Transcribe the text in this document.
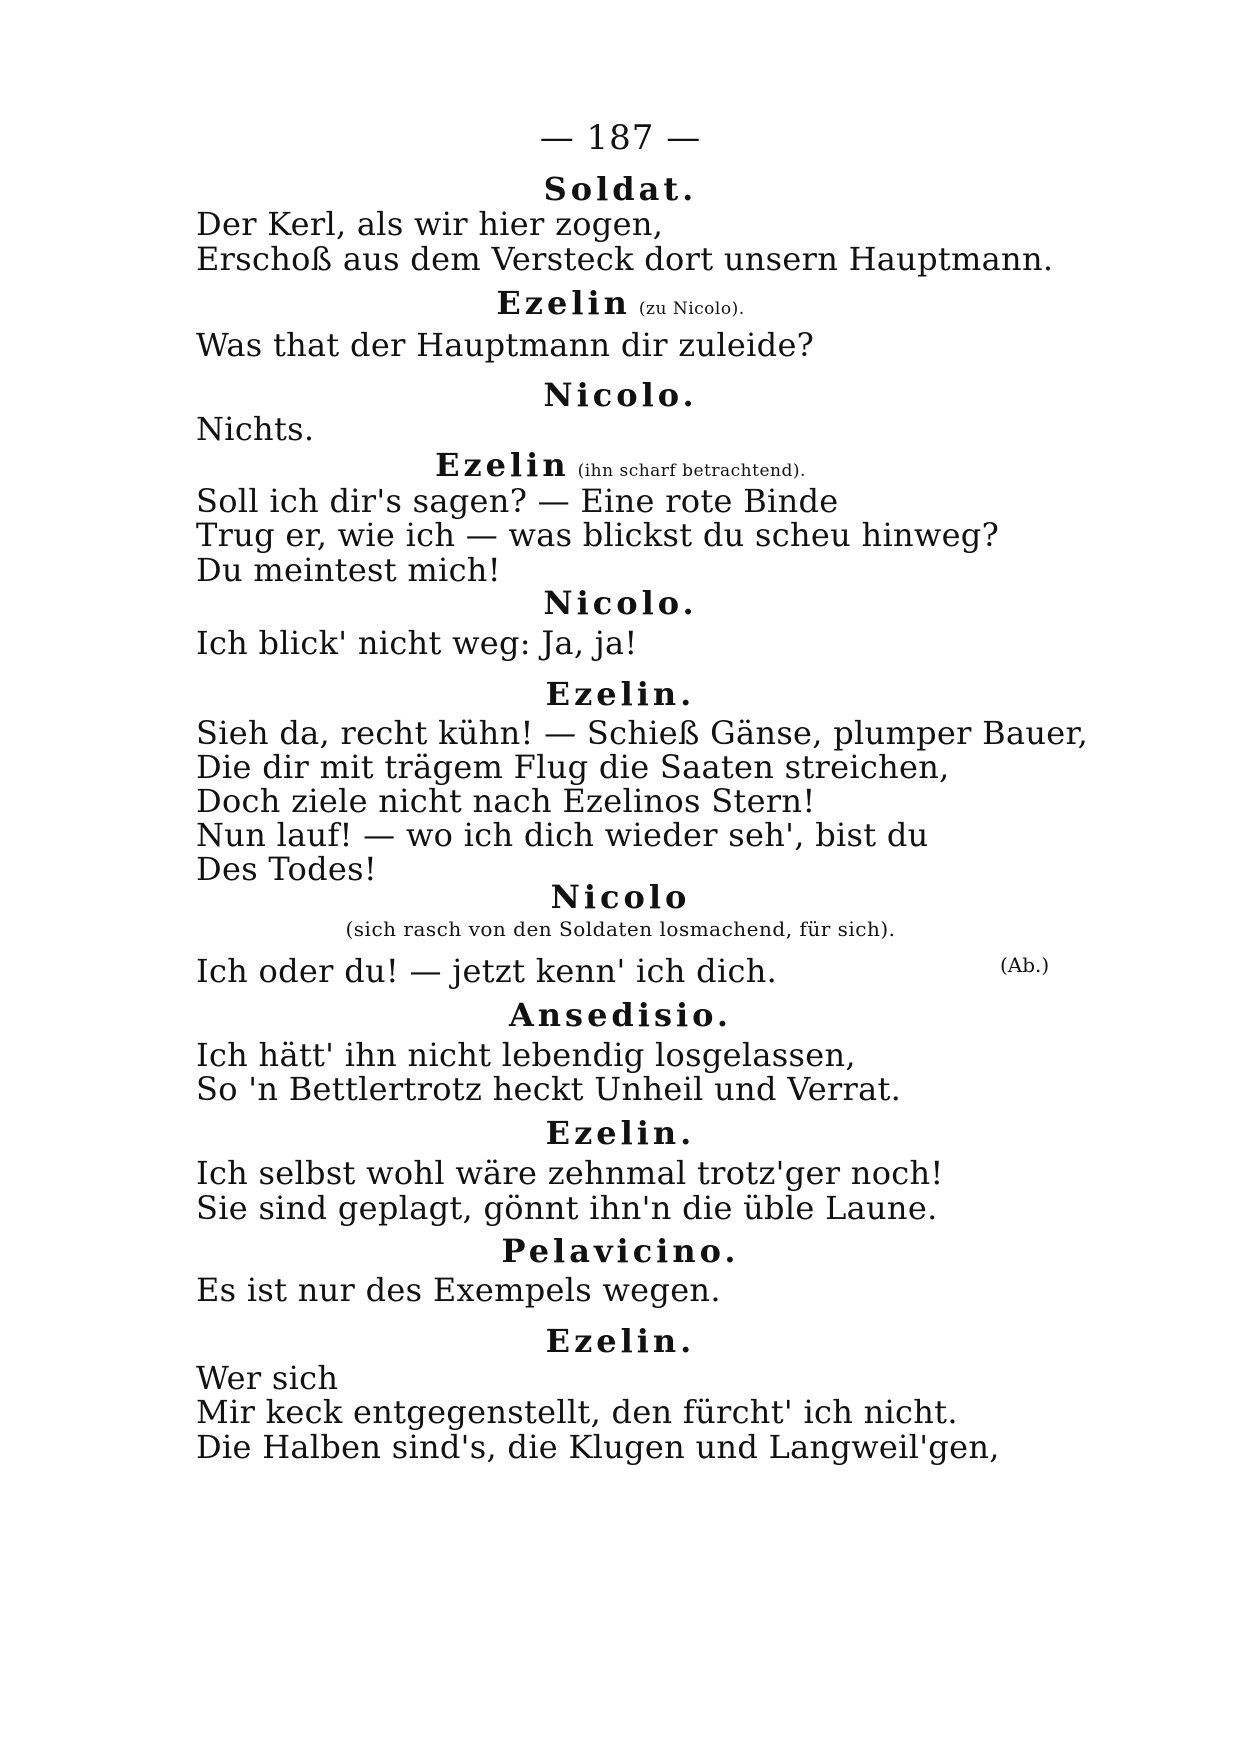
— 187 —
Soldat.
Der Kerl, als wir hier zogen,
Erschoß aus dem Versteck dort unsern Hauptmann.
Ezelin (zu Nicolo).
Was that der Hauptmann dir zuleide?
Nicolo.
Nichts.
Ezelin (ihn scharf betrachtend).
Soll ich dir's sagen? — Eine rote Binde
Trug er, wie ich — was blickst du scheu hinweg?
Du meintest mich!
Nicolo.
Ich blick' nicht weg: Ja, ja!
Ezelin.
Sieh da, recht kühn! — Schieß Gänse, plumper Bauer,
Die dir mit trägem Flug die Saaten streichen,
Doch ziele nicht nach Ezelinos Stern!
Nun lauf! — wo ich dich wieder seh', bist du
Des Todes!
Nicolo
(sich rasch von den Soldaten losmachend, für sich).
Ich oder du! — jetzt kenn' ich dich.	(Ab.)
Ansedisio.
Ich hätt' ihn nicht lebendig losgelassen,
So 'n Bettlertrotz heckt Unheil und Verrat.
Ezelin.
Ich selbst wohl wäre zehnmal trotz'ger noch!
Sie sind geplagt, gönnt ihn'n die üble Laune.
Pelavicino.
Es ist nur des Exempels wegen.
Ezelin.
Wer sich
Mir keck entgegenstellt, den fürcht' ich nicht.
Die Halben sind's, die Klugen und Langweil'gen,
